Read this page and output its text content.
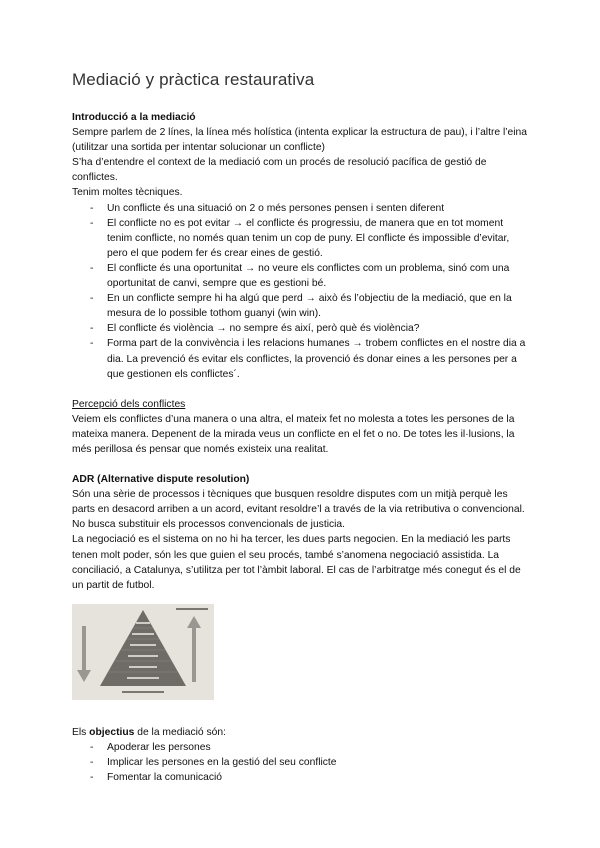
Mediació y pràctica restaurativa

Introducció a la mediació

Sempre parlem de 2 línes, la línea més holística (intenta explicar la estructura de pau), i l’altre l’eina (utilitzar una sortida per intentar solucionar un conflicte)

S’ha d’entendre el context de la mediació com un procés de resolució pacífica de gestió de conflictes.

Tenim moltes tècniques.

- Un conflicte és una situació on 2 o més persones pensen i senten diferent
- El conflicte no es pot evitar → el conflicte és progressiu, de manera que en tot moment tenim conflicte, no només quan tenim un cop de puny. El conflicte és impossible d’evitar, pero el que podem fer és crear eines de gestió.
- El conflicte és una oportunitat → no veure els conflictes com un problema, sinó com una oportunitat de canvi, sempre que es gestioni bé.
- En un conflicte sempre hi ha algú que perd → això és l’objectiu de la mediació, que en la mesura de lo possible tothom guanyi (win win).
- El conflicte és violència → no sempre és així, però què és violència?
- Forma part de la convivència i les relacions humanes → trobem conflictes en el nostre dia a dia. La prevenció és evitar els conflictes, la provenció és donar eines a les persones per a que gestionen els conflictes´.

Percepció dels conflictes

Veiem els conflictes d’una manera o una altra, el mateix fet no molesta a totes les persones de la mateixa manera. Depenent de la mirada veus un conflicte en el fet o no. De totes les il·lusions, la més perillosa és pensar que només existeix una realitat.

ADR (Alternative dispute resolution)

Són una sèrie de processos i tècniques que busquen resoldre disputes com un mitjà perquè les parts en desacord arriben a un acord, evitant resoldre’l a través de la via retributiva o convencional. No busca substituir els processos convencionals de justicia.

La negociació es el sistema on no hi ha tercer, les dues parts negocien. En la mediació les parts tenen molt poder, són les que guien el seu procés, també s’anomena negociació assistida. La conciliació, a Catalunya, s’utilitza per tot l’àmbit laboral. El cas de l’arbitratge més conegut és el de un partit de futbol.

Els objectius de la mediació són:

- Apoderar les persones
- Implicar les persones en la gestió del seu conflicte
- Fomentar la comunicació
